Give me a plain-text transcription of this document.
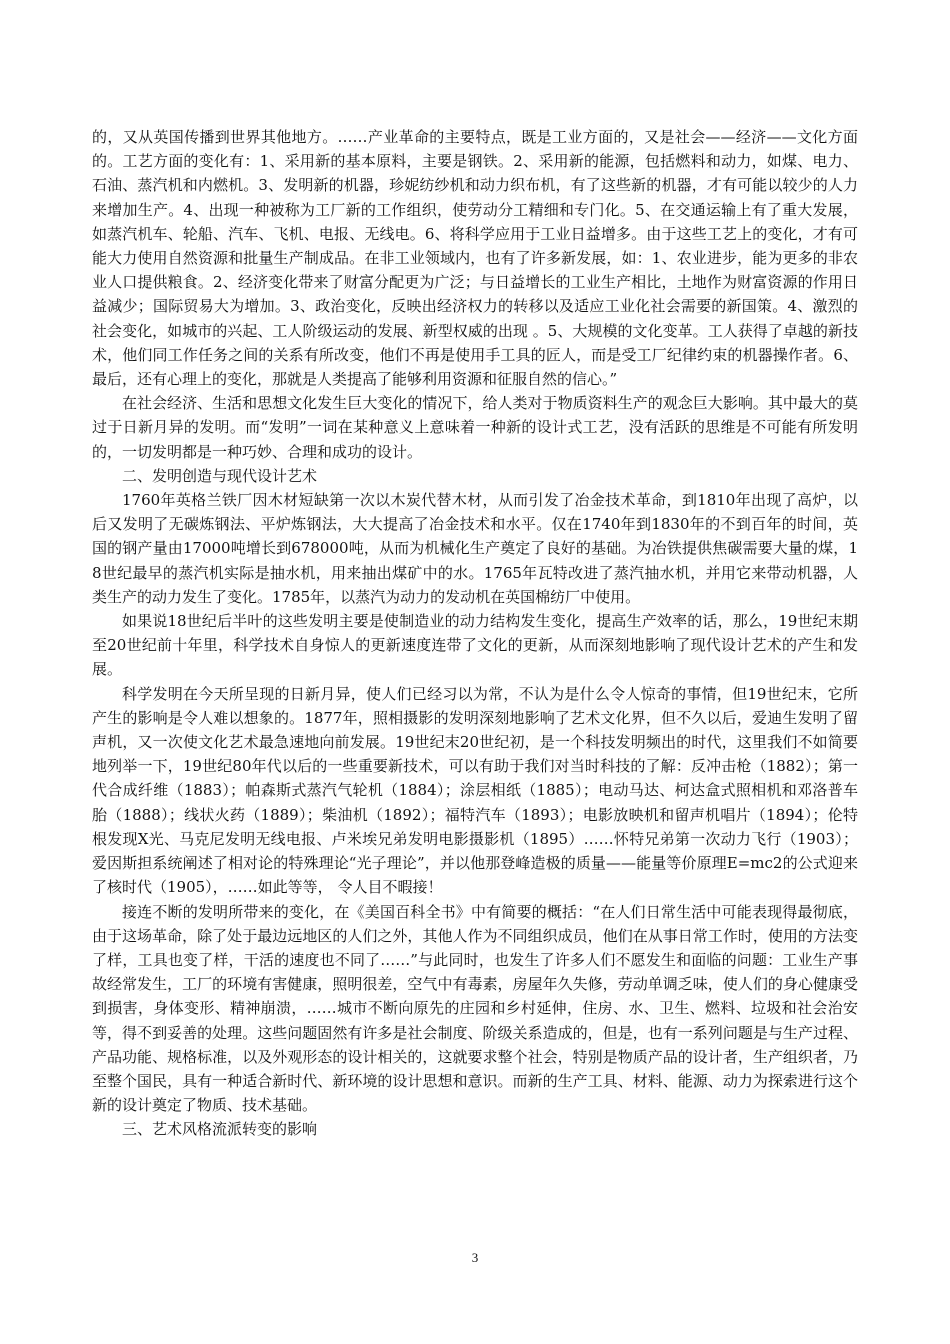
的，又从英国传播到世界其他地方。……产业革命的主要特点，既是工业方面的，又是社会——经济——文化方面的。工艺方面的变化有：1、采用新的基本原料，主要是钢铁。2、采用新的能源，包括燃料和动力，如煤、电力、石油、蒸汽机和内燃机。3、发明新的机器，珍妮纺纱机和动力织布机，有了这些新的机器，才有可能以较少的人力来增加生产。4、出现一种被称为工厂新的工作组织，使劳动分工精细和专门化。5、在交通运输上有了重大发展，如蒸汽机车、轮船、汽车、飞机、电报、无线电。6、将科学应用于工业日益增多。由于这些工艺上的变化，才有可能大力使用自然资源和批量生产制成品。在非工业领域内，也有了许多新发展，如：1、农业进步，能为更多的非农业人口提供粮食。2、经济变化带来了财富分配更为广泛；与日益增长的工业生产相比，土地作为财富资源的作用日益减少；国际贸易大为增加。3、政治变化，反映出经济权力的转移以及适应工业化社会需要的新国策。4、激烈的社会变化，如城市的兴起、工人阶级运动的发展、新型权威的出现 。5、大规模的文化变革。工人获得了卓越的新技术，他们同工作任务之间的关系有所改变，他们不再是使用手工具的匠人，而是受工厂纪律约束的机器操作者。6、最后，还有心理上的变化，那就是人类提高了能够利用资源和征服自然的信心。”

在社会经济、生活和思想文化发生巨大变化的情况下，给人类对于物质资料生产的观念巨大影响。其中最大的莫过于日新月异的发明。而“发明”一词在某种意义上意味着一种新的设计式工艺，没有活跃的思维是不可能有所发明的，一切发明都是一种巧妙、合理和成功的设计。

二、发明创造与现代设计艺术

1760年英格兰铁厂因木材短缺第一次以木炭代替木材，从而引发了冶金技术革命，到1810年出现了高炉，以后又发明了无碳炼钢法、平炉炼钢法，大大提高了冶金技术和水平。仅在1740年到1830年的不到百年的时间，英国的钢产量由17000吨增长到678000吨，从而为机械化生产奠定了良好的基础。为冶铁提供焦碳需要大量的煤，18世纪最早的蒸汽机实际是抽水机，用来抽出煤矿中的水。1765年瓦特改进了蒸汽抽水机，并用它来带动机器，人类生产的动力发生了变化。1785年，以蒸汽为动力的发动机在英国棉纺厂中使用。

如果说18世纪后半叶的这些发明主要是使制造业的动力结构发生变化，提高生产效率的话，那么，19世纪末期至20世纪前十年里，科学技术自身惊人的更新速度连带了文化的更新，从而深刻地影响了现代设计艺术的产生和发展。

科学发明在今天所呈现的日新月异，使人们已经习以为常，不认为是什么令人惊奇的事情，但19世纪末，它所产生的影响是令人难以想象的。1877年，照相摄影的发明深刻地影响了艺术文化界，但不久以后，爱迪生发明了留声机，又一次使文化艺术最急速地向前发展。19世纪末20世纪初，是一个科技发明频出的时代，这里我们不如简要地列举一下，19世纪80年代以后的一些重要新技术，可以有助于我们对当时科技的了解：反冲击枪（1882）；第一代合成纤维（1883）；帕森斯式蒸汽气轮机（1884）；涂层相纸（1885）；电动马达、柯达盒式照相机和邓洛普车胎（1888）；线状火药（1889）；柴油机（1892）；福特汽车（1893）；电影放映机和留声机唱片（1894）；伦特根发现X光、马克尼发明无线电报、卢米埃兄弟发明电影摄影机（1895）……怀特兄弟第一次动力飞行（1903）；爱因斯担系统阐述了相对论的特殊理论“光子理论”，并以他那登峰造极的质量——能量等价原理E=mc2的公式迎来了核时代（1905），……如此等等， 令人目不暇接！

接连不断的发明所带来的变化，在《美国百科全书》中有简要的概括：“在人们日常生活中可能表现得最彻底，由于这场革命，除了处于最边远地区的人们之外，其他人作为不同组织成员，他们在从事日常工作时，使用的方法变了样，工具也变了样，干活的速度也不同了……”与此同时，也发生了许多人们不愿发生和面临的问题：工业生产事故经常发生，工厂的环境有害健康，照明很差，空气中有毒素，房屋年久失修，劳动单调乏味，使人们的身心健康受到损害，身体变形、精神崩溃，……城市不断向原先的庄园和乡村延伸，住房、水、卫生、燃料、垃圾和社会治安等，得不到妥善的处理。这些问题固然有许多是社会制度、阶级关系造成的，但是，也有一系列问题是与生产过程、产品功能、规格标准，以及外观形态的设计相关的，这就要求整个社会，特别是物质产品的设计者，生产组织者，乃至整个国民，具有一种适合新时代、新环境的设计思想和意识。而新的生产工具、材料、能源、动力为探索进行这个新的设计奠定了物质、技术基础。

三、艺术风格流派转变的影响

3
